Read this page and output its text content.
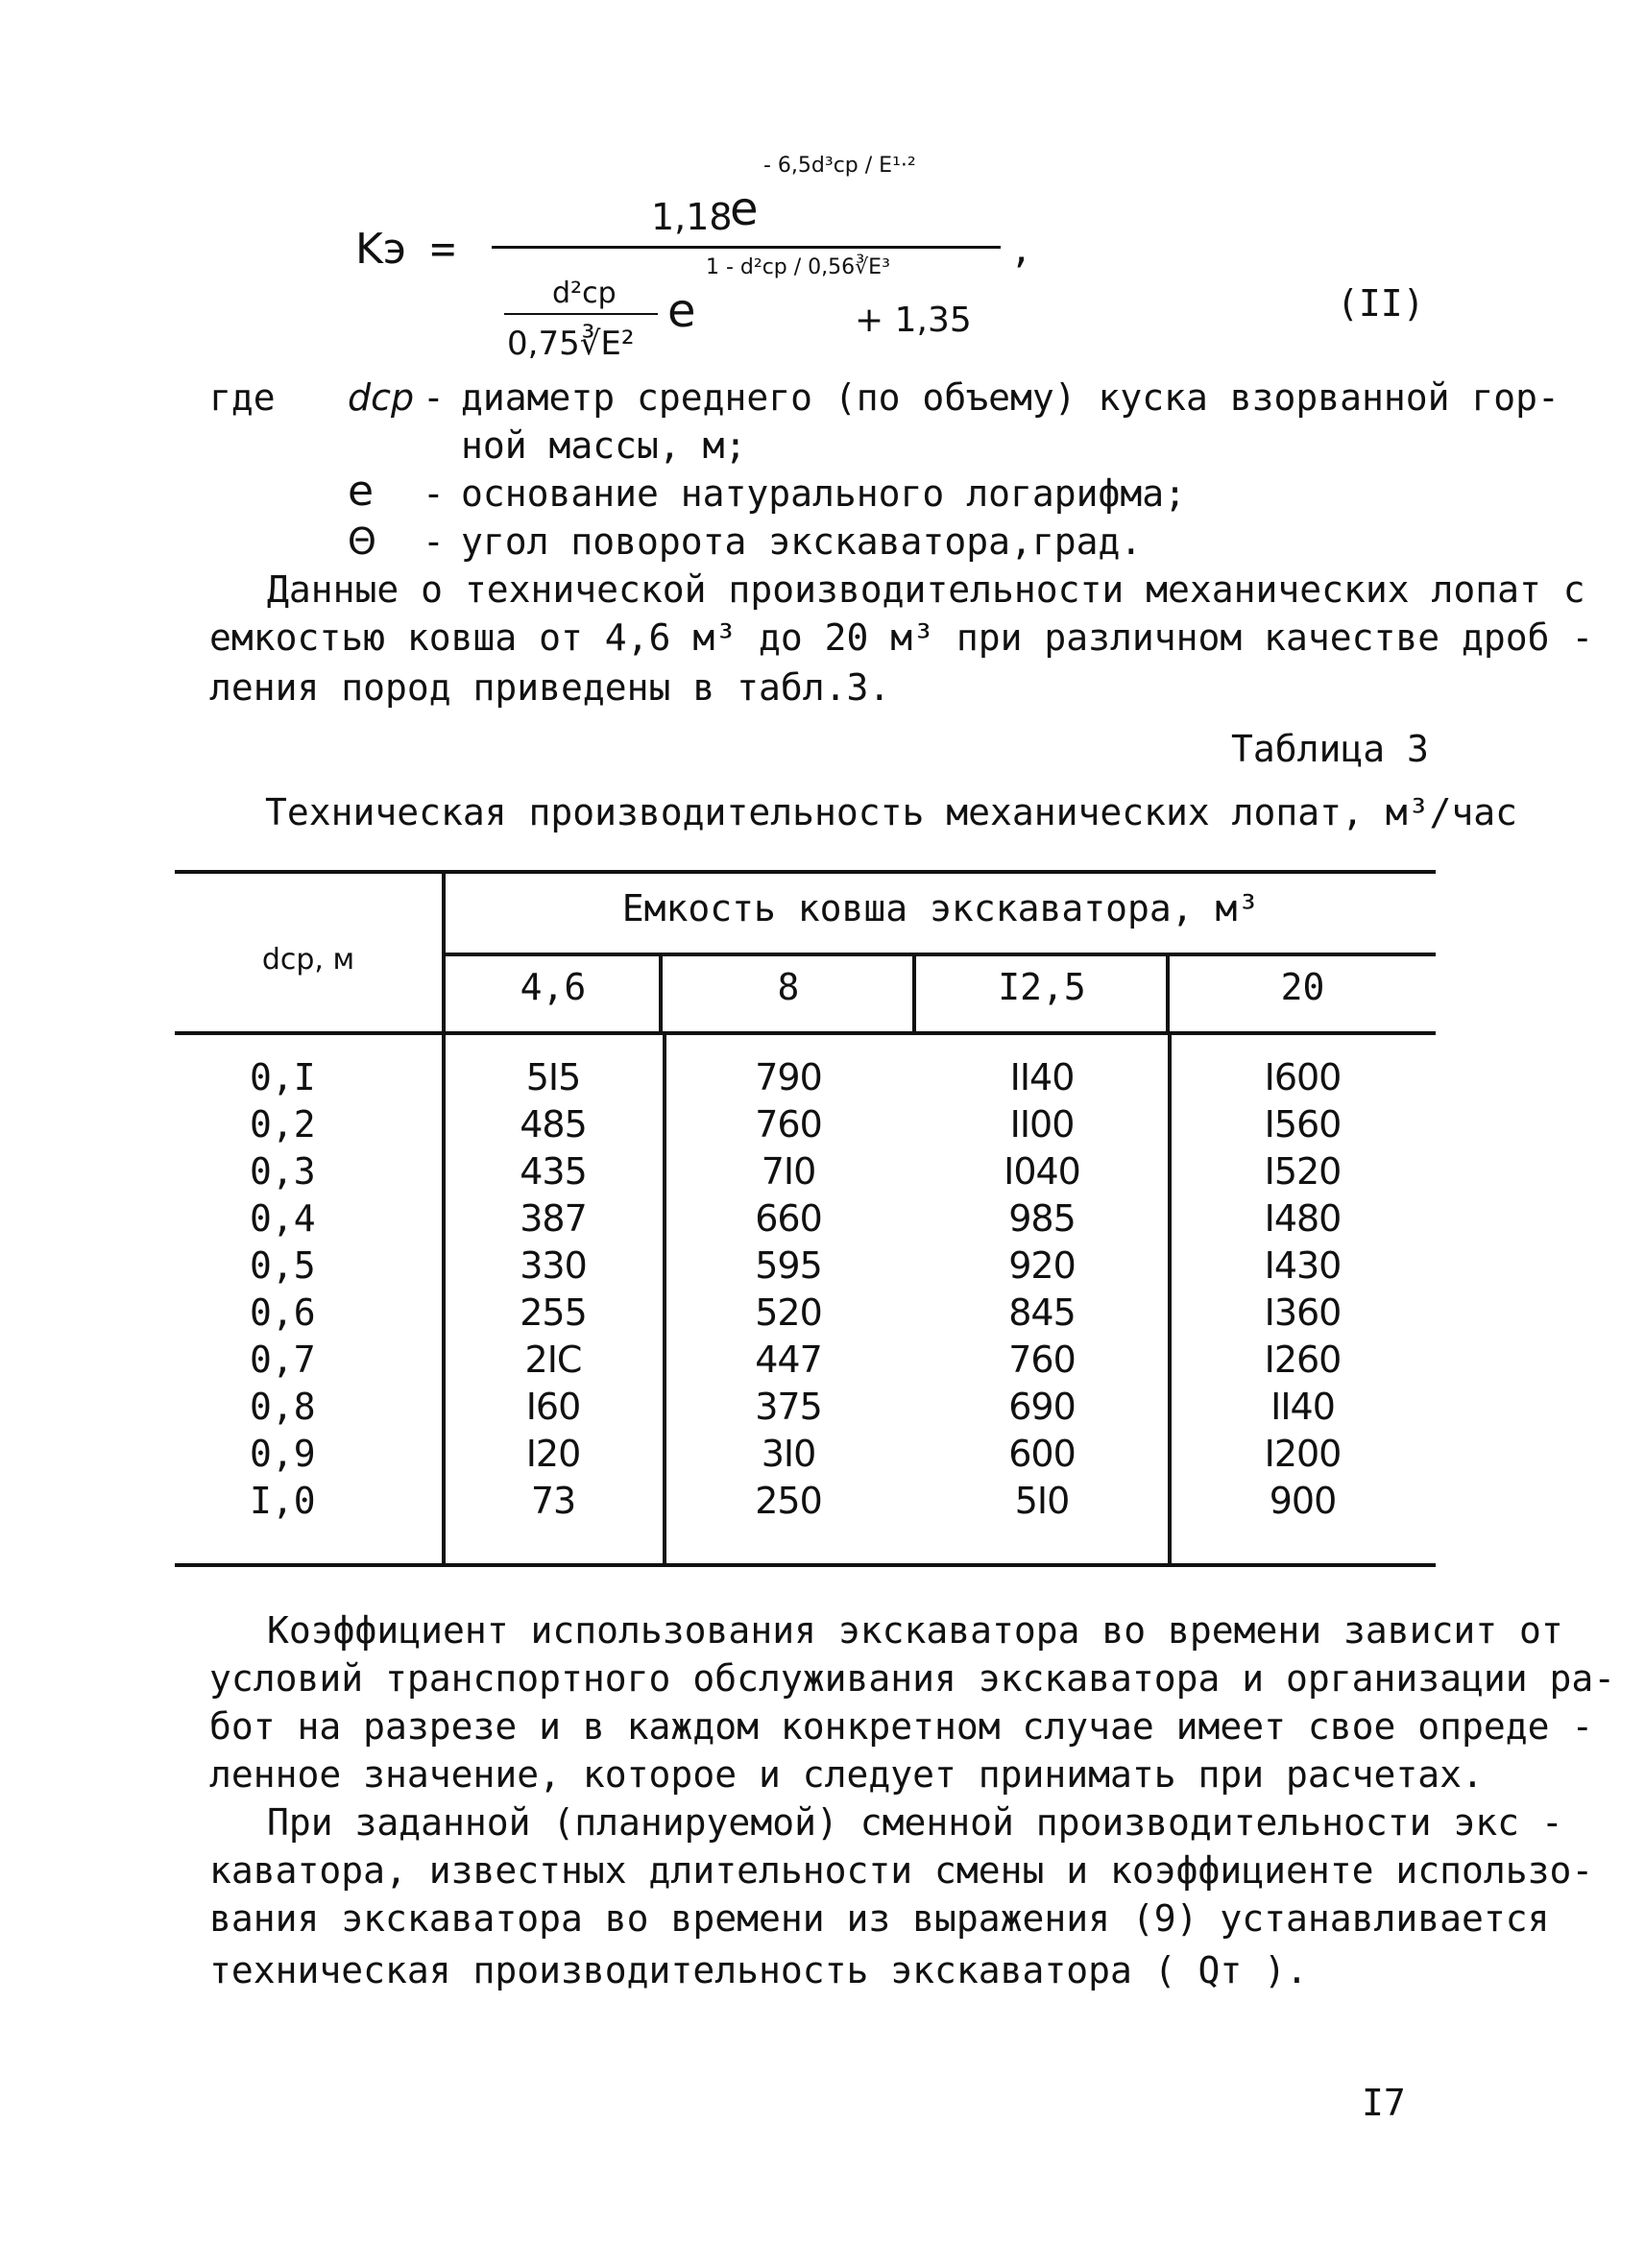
Kэ =
1,18
e
- 6,5d³cp / E¹·²
,
d²cp
0,75∛E²
e
1 - d²cp / 0,56∛E³
+ 1,35	(II)
где dcp - диаметр среднего (по объему) куска взорванной гор-
ной массы, м;
e - основание натурального логарифма;
Θ - угол поворота экскаватора,град.
Данные о технической производительности механических лопат с
емкостью ковша от 4,6 м³ до 20 м³ при различном качестве дроб -
ления пород приведены в табл.3.
Таблица 3
Техническая производительность механических лопат, м³/час
dcp, м
Емкость ковша экскаватора, м³
4,6	8	I2,5	20
0,I	5I5	790	II40	I600
0,2	485	760	II00	I560
0,3	435	7I0	I040	I520
0,4	387	660	985	I480
0,5	330	595	920	I430
0,6	255	520	845	I360
0,7	2IC	447	760	I260
0,8	I60	375	690	II40
0,9	I20	3I0	600	I200
I,0	73	250	5I0	900
Коэффициент использования экскаватора во времени зависит от
условий транспортного обслуживания экскаватора и организации ра-
бот на разрезе и в каждом конкретном случае имеет свое опреде -
ленное значение, которое и следует принимать при расчетах.
При заданной (планируемой) сменной производительности экс -
каватора, известных длительности смены и коэффициенте использо-
вания экскаватора во времени из выражения (9) устанавливается
техническая производительность экскаватора ( Qт ).
I7
